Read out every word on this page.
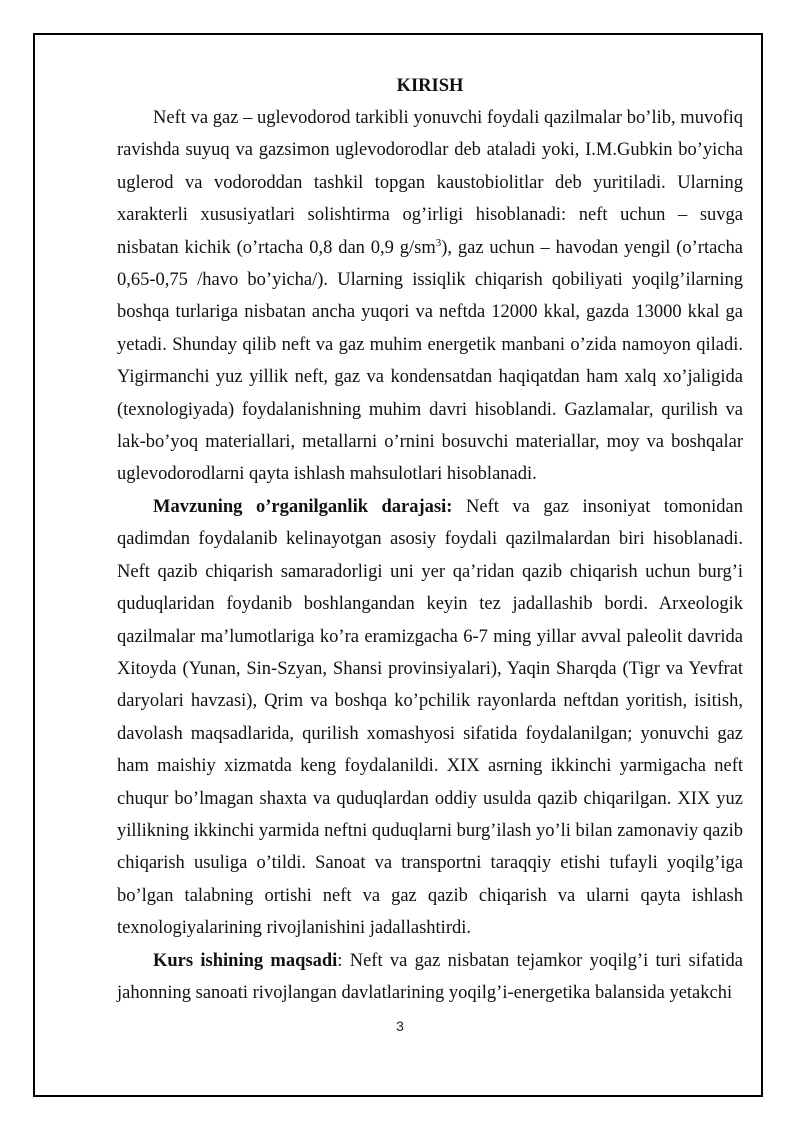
KIRISH

Neft va gaz – uglevodorod tarkibli yonuvchi foydali qazilmalar bo’lib, muvofiq ravishda suyuq va gazsimon uglevodorodlar deb ataladi yoki, I.M.Gubkin bo’yicha uglerod va vodoroddan tashkil topgan kaustobiolitlar deb yuritiladi. Ularning xarakterli xususiyatlari solishtirma og’irligi hisoblanadi: neft uchun – suvga nisbatan kichik (o’rtacha 0,8 dan 0,9 $g/sm^3$), gaz uchun – havodan yengil (o’rtacha 0,65-0,75 /havo bo’yicha/). Ularning issiqlik chiqarish qobiliyati yoqilg’ilarning boshqa turlariga nisbatan ancha yuqori va neftda 12000 kkal, gazda 13000 kkal ga yetadi. Shunday qilib neft va gaz muhim energetik manbani o’zida namoyon qiladi. Yigirmanchi yuz yillik neft, gaz va kondensatdan haqiqatdan ham xalq xo’jaligida (texnologiyada) foydalanishning muhim davri hisoblandi. Gazlamalar, qurilish va lak-bo’yoq materiallari, metallarni o’rnini bosuvchi materiallar, moy va boshqalar uglevodorodlarni qayta ishlash mahsulotlari hisoblanadi.

Mavzuning o’rganilganlik darajasi: Neft va gaz insoniyat tomonidan qadimdan foydalanib kelinayotgan asosiy foydali qazilmalardan biri hisoblanadi. Neft qazib chiqarish samaradorligi uni yer qa’ridan qazib chiqarish uchun burg’i quduqlaridan foydanib boshlangandan keyin tez jadallashib bordi. Arxeologik qazilmalar ma’lumotlariga ko’ra eramizgacha 6-7 ming yillar avval paleolit davrida Xitoyda (Yunan, Sin-Szyan, Shansi provinsiyalari), Yaqin Sharqda (Tigr va Yevfrat daryolari havzasi), Qrim va boshqa ko’pchilik rayonlarda neftdan yoritish, isitish, davolash maqsadlarida, qurilish xomashyosi sifatida foydalanilgan; yonuvchi gaz ham maishiy xizmatda keng foydalanildi. XIX asrning ikkinchi yarmigacha neft chuqur bo’lmagan shaxta va quduqlardan oddiy usulda qazib chiqarilgan. XIX yuz yillikning ikkinchi yarmida neftni quduqlarni burg’ilash yo’li bilan zamonaviy qazib chiqarish usuliga o’tildi. Sanoat va transportni taraqqiy etishi tufayli yoqilg’iga bo’lgan talabning ortishi neft va gaz qazib chiqarish va ularni qayta ishlash texnologiyalarining rivojlanishini jadallashtirdi.

Kurs ishining maqsadi: Neft va gaz nisbatan tejamkor yoqilg’i turi sifatida jahonning sanoati rivojlangan davlatlarining yoqilg’i-energetika balansida yetakchi

3
